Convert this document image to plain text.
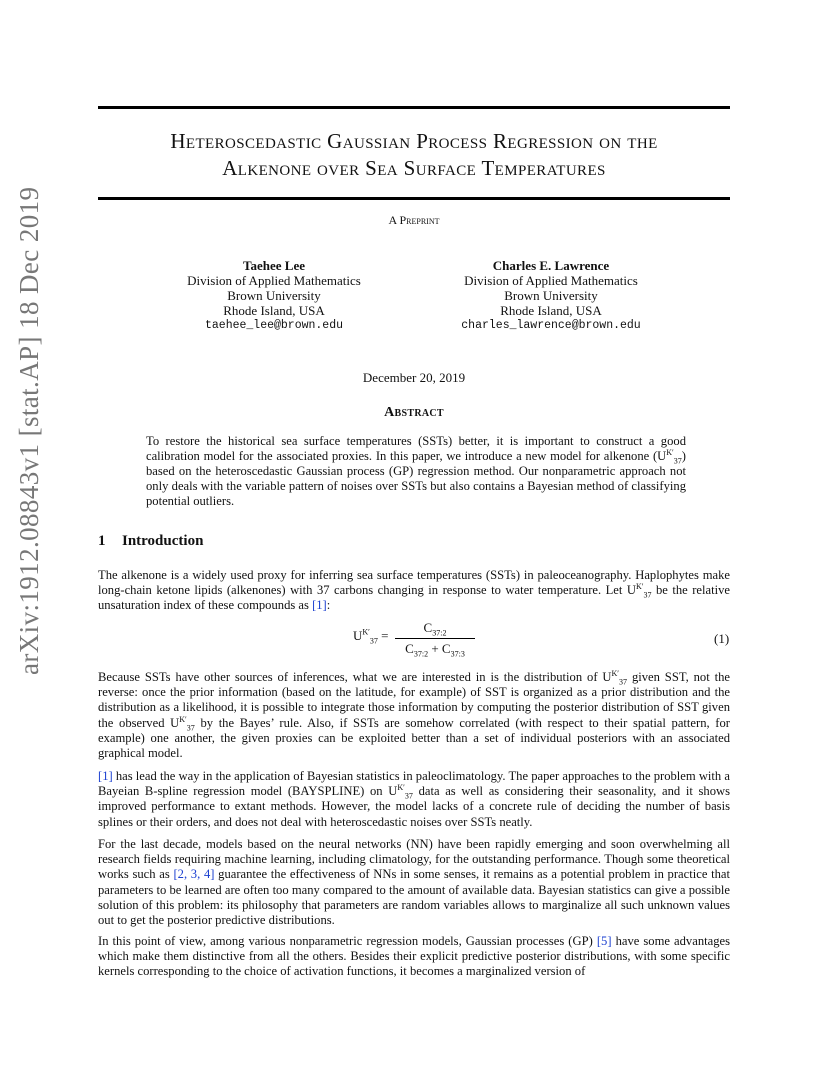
arXiv:1912.08843v1 [stat.AP] 18 Dec 2019
Heteroscedastic Gaussian Process Regression on the
Alkenone over Sea Surface Temperatures
A Preprint
Taehee Lee
Division of Applied Mathematics
Brown University
Rhode Island, USA
taehee_lee@brown.edu
Charles E. Lawrence
Division of Applied Mathematics
Brown University
Rhode Island, USA
charles_lawrence@brown.edu
December 20, 2019
Abstract
To restore the historical sea surface temperatures (SSTs) better, it is important to construct a good calibration model for the associated proxies. In this paper, we introduce a new model for alkenone $(U^{K'}_{37})$ based on the heteroscedastic Gaussian process (GP) regression method. Our nonparametric approach not only deals with the variable pattern of noises over SSTs but also contains a Bayesian method of classifying potential outliers.
1 Introduction
The alkenone is a widely used proxy for inferring sea surface temperatures (SSTs) in paleoceanography. Haplophytes make long-chain ketone lipids (alkenones) with 37 carbons changing in response to water temperature. Let $U^{K'}_{37}$ be the relative unsaturation index of these compounds as [1]:
$U^{K'}_{37} = \frac{C_{37:2}}{C_{37:2} + C_{37:3}}$	(1)
Because SSTs have other sources of inferences, what we are interested in is the distribution of $U^{K'}_{37}$ given SST, not the reverse: once the prior information (based on the latitude, for example) of SST is organized as a prior distribution and the distribution as a likelihood, it is possible to integrate those information by computing the posterior distribution of SST given the observed $U^{K'}_{37}$ by the Bayes’ rule. Also, if SSTs are somehow correlated (with respect to their spatial pattern, for example) one another, the given proxies can be exploited better than a set of individual posteriors with an associated graphical model.
[1] has lead the way in the application of Bayesian statistics in paleoclimatology. The paper approaches to the problem with a Bayeian B-spline regression model (BAYSPLINE) on $U^{K'}_{37}$ data as well as considering their seasonality, and it shows improved performance to extant methods. However, the model lacks of a concrete rule of deciding the number of basis splines or their orders, and does not deal with heteroscedastic noises over SSTs neatly.
For the last decade, models based on the neural networks (NN) have been rapidly emerging and soon overwhelming all research fields requiring machine learning, including climatology, for the outstanding performance. Though some theoretical works such as [2, 3, 4] guarantee the effectiveness of NNs in some senses, it remains as a potential problem in practice that parameters to be learned are often too many compared to the amount of available data. Bayesian statistics can give a possible solution of this problem: its philosophy that parameters are random variables allows to marginalize all such unknown values out to get the posterior predictive distributions.
In this point of view, among various nonparametric regression models, Gaussian processes (GP) [5] have some advantages which make them distinctive from all the others. Besides their explicit predictive posterior distributions, with some specific kernels corresponding to the choice of activation functions, it becomes a marginalized version of
